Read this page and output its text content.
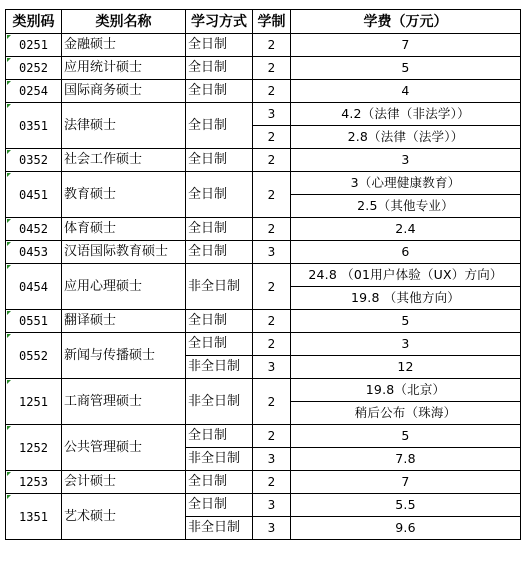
类别码	类别名称	学习方式	学制	学费（万元）
0251	金融硕士	全日制	2	7
0252	应用统计硕士	全日制	2	5
0254	国际商务硕士	全日制	2	4
0351	法律硕士	全日制	3	4.2（法律（非法学））
			2	2.8（法律（法学））
0352	社会工作硕士	全日制	2	3
0451	教育硕士	全日制	2	3（心理健康教育）
				2.5（其他专业）
0452	体育硕士	全日制	2	2.4
0453	汉语国际教育硕士	全日制	3	6
0454	应用心理硕士	非全日制	2	24.8 （01用户体验（UX）方向）
				19.8 （其他方向）
0551	翻译硕士	全日制	2	5
0552	新闻与传播硕士	全日制	2	3
		非全日制	3	12
1251	工商管理硕士	非全日制	2	19.8（北京）
				稍后公布（珠海）
1252	公共管理硕士	全日制	2	5
		非全日制	3	7.8
1253	会计硕士	全日制	2	7
1351	艺术硕士	全日制	3	5.5
		非全日制	3	9.6
